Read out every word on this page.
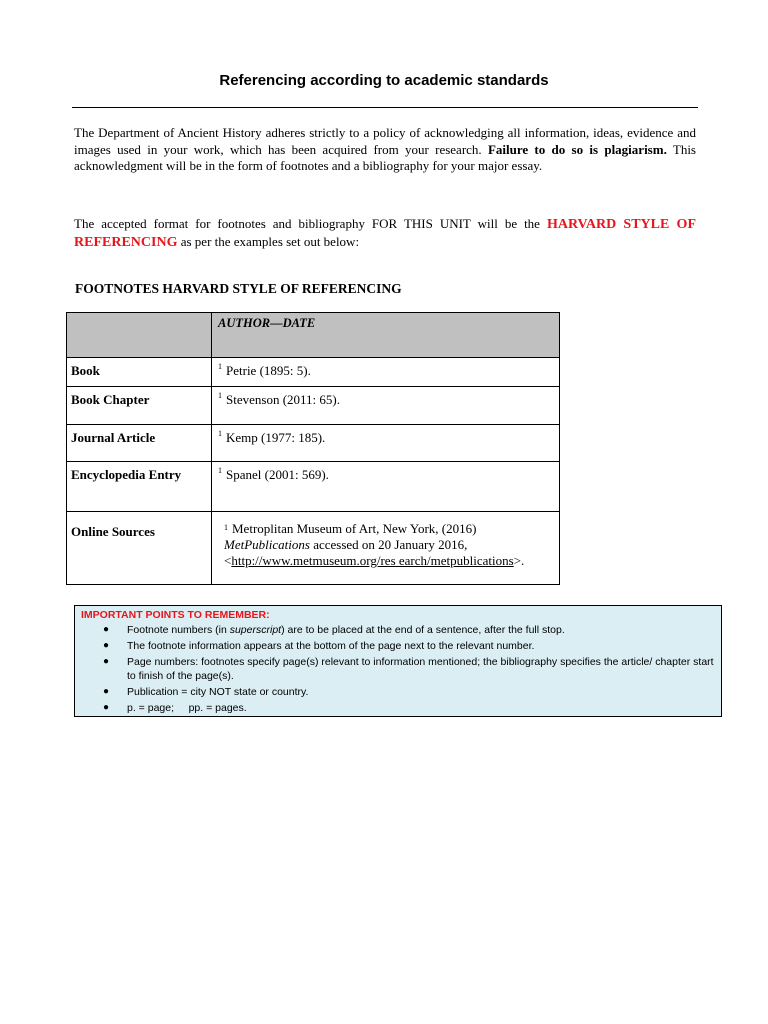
Referencing according to academic standards
The Department of Ancient History adheres strictly to a policy of acknowledging all information, ideas, evidence and images used in your work, which has been acquired from your research. Failure to do so is plagiarism. This acknowledgment will be in the form of footnotes and a bibliography for your major essay.
The accepted format for footnotes and bibliography FOR THIS UNIT will be the HARVARD STYLE OF REFERENCING as per the examples set out below:
FOOTNOTES HARVARD STYLE OF REFERENCING

	AUTHOR—DATE

Book	$^1$ Petrie (1895: 5).
Book Chapter	$^1$ Stevenson (2011: 65).
Journal Article	$^1$ Kemp (1977: 185).
Encyclopedia Entry	$^1$ Spanel (2001: 569).
Online Sources	$^1$ Metroplitan Museum of Art, New York, (2016)
MetPublications accessed on 20 January 2016,
<http://www.metmuseum.org/res earch/metpublications>.
IMPORTANT POINTS TO REMEMBER:
● Footnote numbers (in superscript) are to be placed at the end of a sentence, after the full stop.
● The footnote information appears at the bottom of the page next to the relevant number.
● Page numbers: footnotes specify page(s) relevant to information mentioned; the bibliography specifies the article/ chapter start to finish of the page(s).
● Publication = city NOT state or country.
● p. = page;     pp. = pages.
